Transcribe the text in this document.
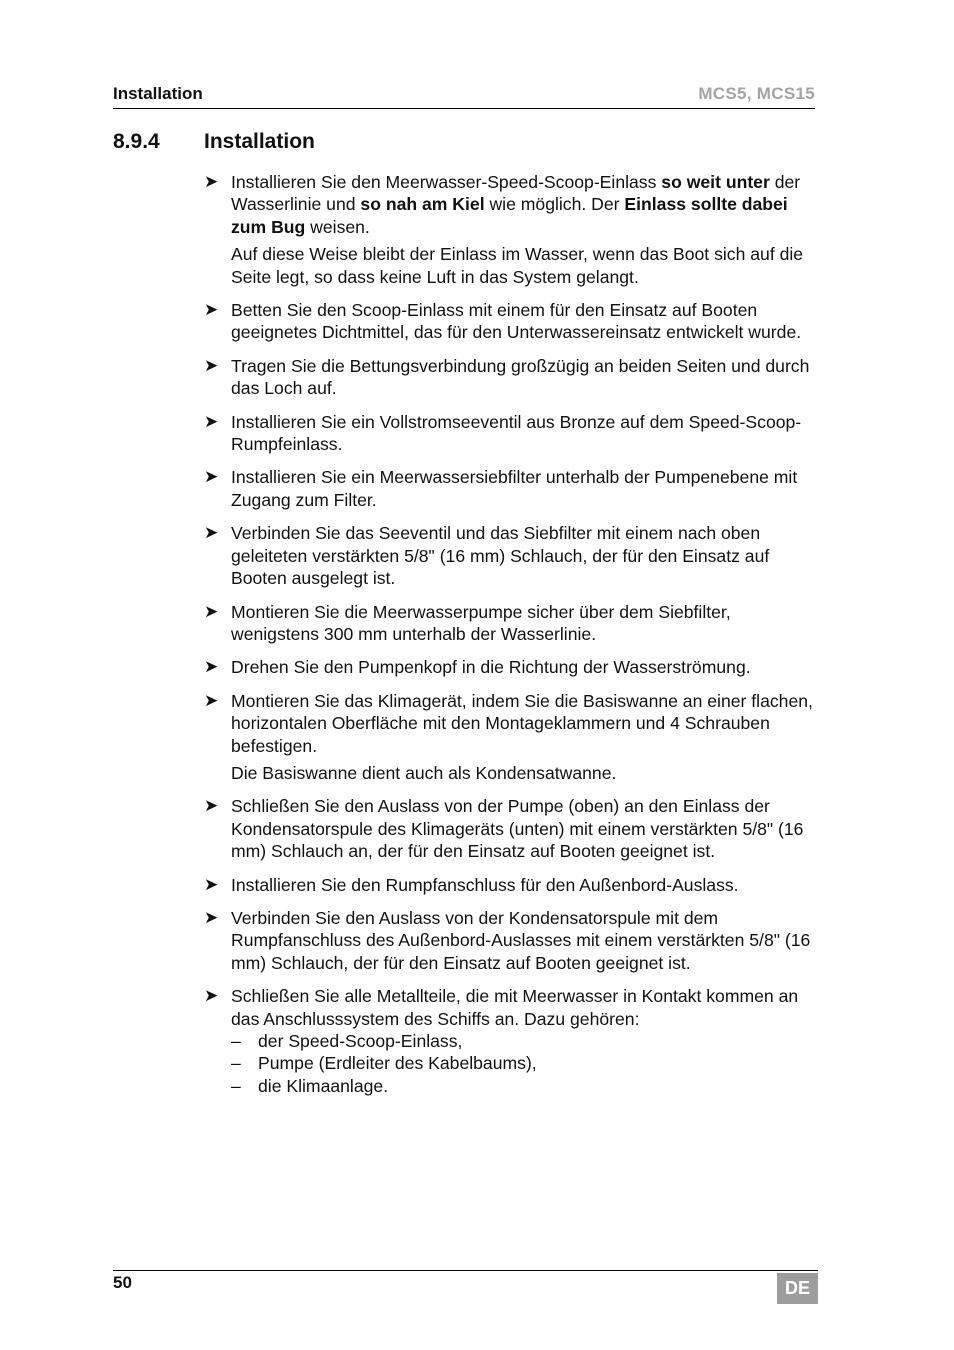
Installation	MCS5, MCS15
8.9.4 Installation
➤ Installieren Sie den Meerwasser-Speed-Scoop-Einlass so weit unter der Wasserlinie und so nah am Kiel wie möglich. Der Einlass sollte dabei zum Bug weisen.

Auf diese Weise bleibt der Einlass im Wasser, wenn das Boot sich auf die Seite legt, so dass keine Luft in das System gelangt.

➤ Betten Sie den Scoop-Einlass mit einem für den Einsatz auf Booten geeignetes Dichtmittel, das für den Unterwassereinsatz entwickelt wurde.

➤ Tragen Sie die Bettungsverbindung großzügig an beiden Seiten und durch das Loch auf.

➤ Installieren Sie ein Vollstromseeventil aus Bronze auf dem Speed-Scoop-Rumpfeinlass.

➤ Installieren Sie ein Meerwassersiebfilter unterhalb der Pumpenebene mit Zugang zum Filter.

➤ Verbinden Sie das Seeventil und das Siebfilter mit einem nach oben geleiteten verstärkten 5/8" (16 mm) Schlauch, der für den Einsatz auf Booten ausgelegt ist.

➤ Montieren Sie die Meerwasserpumpe sicher über dem Siebfilter, wenigstens 300 mm unterhalb der Wasserlinie.

➤ Drehen Sie den Pumpenkopf in die Richtung der Wasserströmung.

➤ Montieren Sie das Klimagerät, indem Sie die Basiswanne an einer flachen, horizontalen Oberfläche mit den Montageklammern und 4 Schrauben befestigen.

Die Basiswanne dient auch als Kondensatwanne.

➤ Schließen Sie den Auslass von der Pumpe (oben) an den Einlass der Kondensatorspule des Klimageräts (unten) mit einem verstärkten 5/8" (16 mm) Schlauch an, der für den Einsatz auf Booten geeignet ist.

➤ Installieren Sie den Rumpfanschluss für den Außenbord-Auslass.

➤ Verbinden Sie den Auslass von der Kondensatorspule mit dem Rumpfanschluss des Außenbord-Auslasses mit einem verstärkten 5/8" (16 mm) Schlauch, der für den Einsatz auf Booten geeignet ist.

➤ Schließen Sie alle Metallteile, die mit Meerwasser in Kontakt kommen an das Anschlusssystem des Schiffs an. Dazu gehören:

– der Speed-Scoop-Einlass,
– Pumpe (Erdleiter des Kabelbaums),
– die Klimaanlage.
50	DE
